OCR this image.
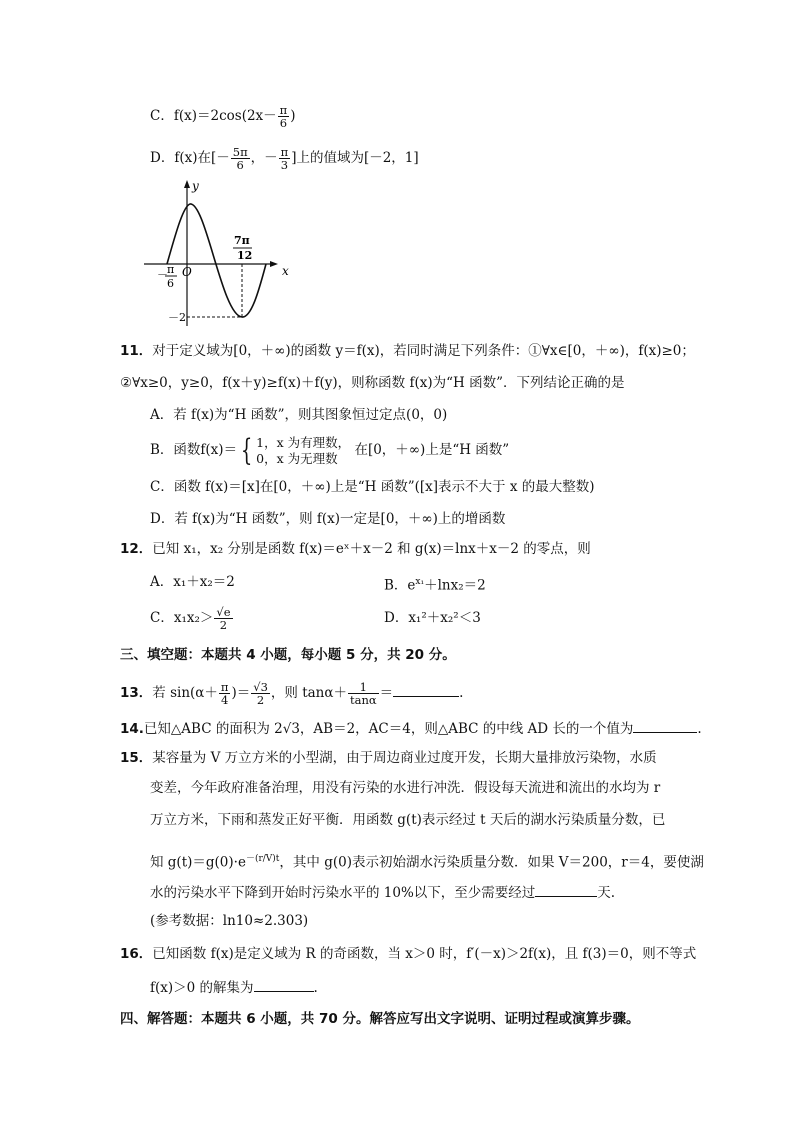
C．$f(x)=2\cos(2x- \frac{\pi}{6}$ )
D．f(x)在[－ $\frac{5\pi}{6}$ ，－ $\frac{\pi}{3}$ ]上的值域为[－2，1]
y
x
O
7π
12
－ π
6
－2
11．对于定义域为[0，＋∞)的函数 y＝f(x)，若同时满足下列条件：①∀x∈[0，＋∞)，f(x)≥0；
②∀x≥0，y≥0，f(x＋y)≥f(x)＋f(y)，则称函数 f(x)为“H 函数”．下列结论正确的是
A．若 f(x)为“H 函数”，则其图象恒过定点(0，0)
B．函数f(x)＝ { 1，x 为有理数，
0，x 为无理数	在[0，＋∞)上是“H 函数”
C．函数 f(x)＝[x]在[0，＋∞)上是“H 函数”([x]表示不大于 x 的最大整数)
D．若 f(x)为“H 函数”，则 f(x)一定是[0，＋∞)上的增函数
12．已知 x₁，x₂ 分别是函数 f(x)＝eˣ＋x－2 和 g(x)＝lnx＋x－2 的零点，则
A．x₁＋x₂＝2	B．$e^{x_1}+\ln x_2=2$
C．$x_1x_2> \frac{√e}{2}$	D．x₁²＋x₂²＜3
三、填空题：本题共 4 小题，每小题 5 分，共 20 分。
13．若 $\sin(\alpha+ \frac{\pi}{4}$ )＝ $\frac{√3}{2}$ ，则 $\tan\alpha+ \frac{1}{\tan\alpha}$ ＝	.
14.已知△ABC 的面积为 2√3，AB＝2，AC＝4，则△ABC 的中线 AD 长的一个值为	.
15．某容量为 V 万立方米的小型湖，由于周边商业过度开发，长期大量排放污染物，水质
变差，今年政府准备治理，用没有污染的水进行冲洗．假设每天流进和流出的水均为 r
万立方米，下雨和蒸发正好平衡．用函数 g(t)表示经过 t 天后的湖水污染质量分数，已
知 $g(t)=g(0)\cdot e^{-(r/V)t}$，其中 g(0)表示初始湖水污染质量分数．如果 V＝200，r＝4，要使湖
水的污染水平下降到开始时污染水平的 10%以下，至少需要经过	天.
(参考数据：ln10≈2.303)
16．已知函数 f(x)是定义域为 R 的奇函数，当 x＞0 时，f′(－x)＞2f(x)，且 f(3)＝0，则不等式
f(x)＞0 的解集为	.
四、解答题：本题共 6 小题，共 70 分。解答应写出文字说明、证明过程或演算步骤。
